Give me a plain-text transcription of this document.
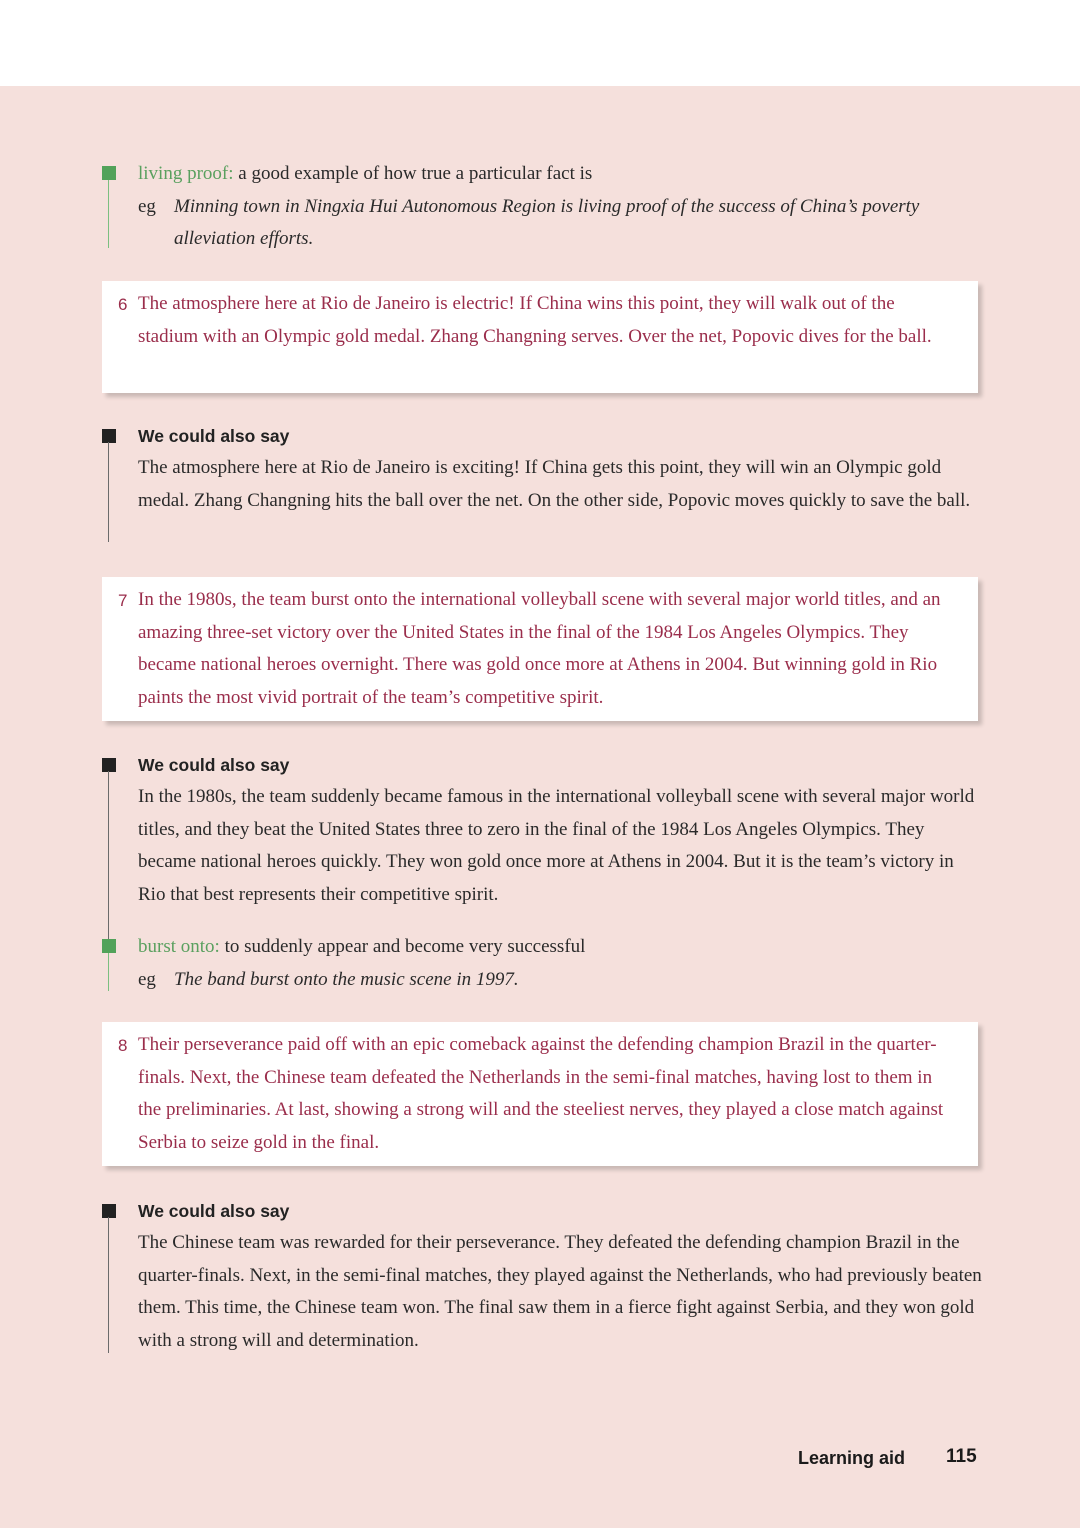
living proof: a good example of how true a particular fact is
eg Minning town in Ningxia Hui Autonomous Region is living proof of the success of China’s poverty
alleviation efforts.
6 The atmosphere here at Rio de Janeiro is electric! If China wins this point, they will walk out of the stadium with an Olympic gold medal. Zhang Changning serves. Over the net, Popovic dives for the ball.
We could also say
The atmosphere here at Rio de Janeiro is exciting! If China gets this point, they will win an Olympic gold medal. Zhang Changning hits the ball over the net. On the other side, Popovic moves quickly to save the ball.
7 In the 1980s, the team burst onto the international volleyball scene with several major world titles, and an amazing three-set victory over the United States in the final of the 1984 Los Angeles Olympics. They became national heroes overnight. There was gold once more at Athens in 2004. But winning gold in Rio paints the most vivid portrait of the team’s competitive spirit.
We could also say
In the 1980s, the team suddenly became famous in the international volleyball scene with several major world titles, and they beat the United States three to zero in the final of the 1984 Los Angeles Olympics. They became national heroes quickly. They won gold once more at Athens in 2004. But it is the team’s victory in Rio that best represents their competitive spirit.
burst onto: to suddenly appear and become very successful
eg The band burst onto the music scene in 1997.
8 Their perseverance paid off with an epic comeback against the defending champion Brazil in the quarter-finals. Next, the Chinese team defeated the Netherlands in the semi-final matches, having lost to them in the preliminaries. At last, showing a strong will and the steeliest nerves, they played a close match against Serbia to seize gold in the final.
We could also say
The Chinese team was rewarded for their perseverance. They defeated the defending champion Brazil in the quarter-finals. Next, in the semi-final matches, they played against the Netherlands, who had previously beaten them. This time, the Chinese team won. The final saw them in a fierce fight against Serbia, and they won gold with a strong will and determination.
Learning aid 115
